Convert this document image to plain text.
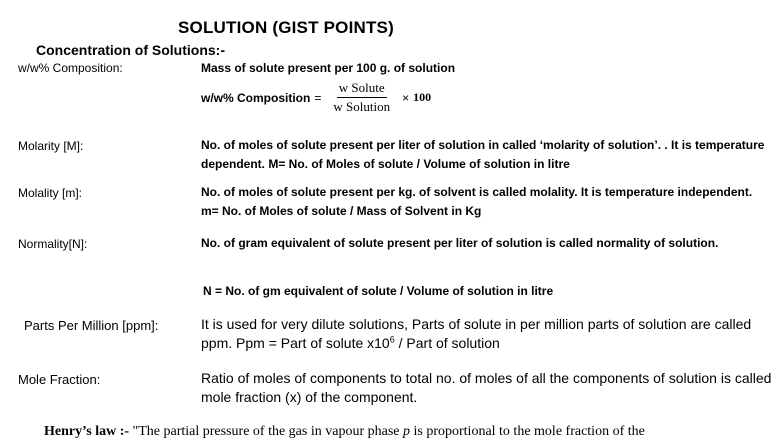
SOLUTION (GIST POINTS)
Concentration of Solutions:-
w/w% Composition:	Mass of solute present per 100 g. of solution
w/w% Composition = $\frac{\text{w Solute}}{\text{w Solution}} \times 100$
Molarity [M]:	No. of moles of solute present per liter of solution in called ‘molarity of solution’. . It is temperature dependent. M= No. of Moles of solute / Volume of solution in litre
Molality [m]:	No. of moles of solute present per kg. of solvent is called molality. It is temperature independent. m= No. of Moles of solute / Mass of Solvent in Kg
Normality[N]:	No. of gram equivalent of solute present per liter of solution is called normality of solution.
N = No. of gm equivalent of solute / Volume of solution in litre
Parts Per Million [ppm]:	It is used for very dilute solutions, Parts of solute in per million parts of solution are called ppm. Ppm = Part of solute $x10^6$ / Part of solution
Mole Fraction:	Ratio of moles of components to total no. of moles of all the components of solution is called mole fraction (x) of the component.
Henry’s law :- "The partial pressure of the gas in vapour phase p is proportional to the mole fraction of the
